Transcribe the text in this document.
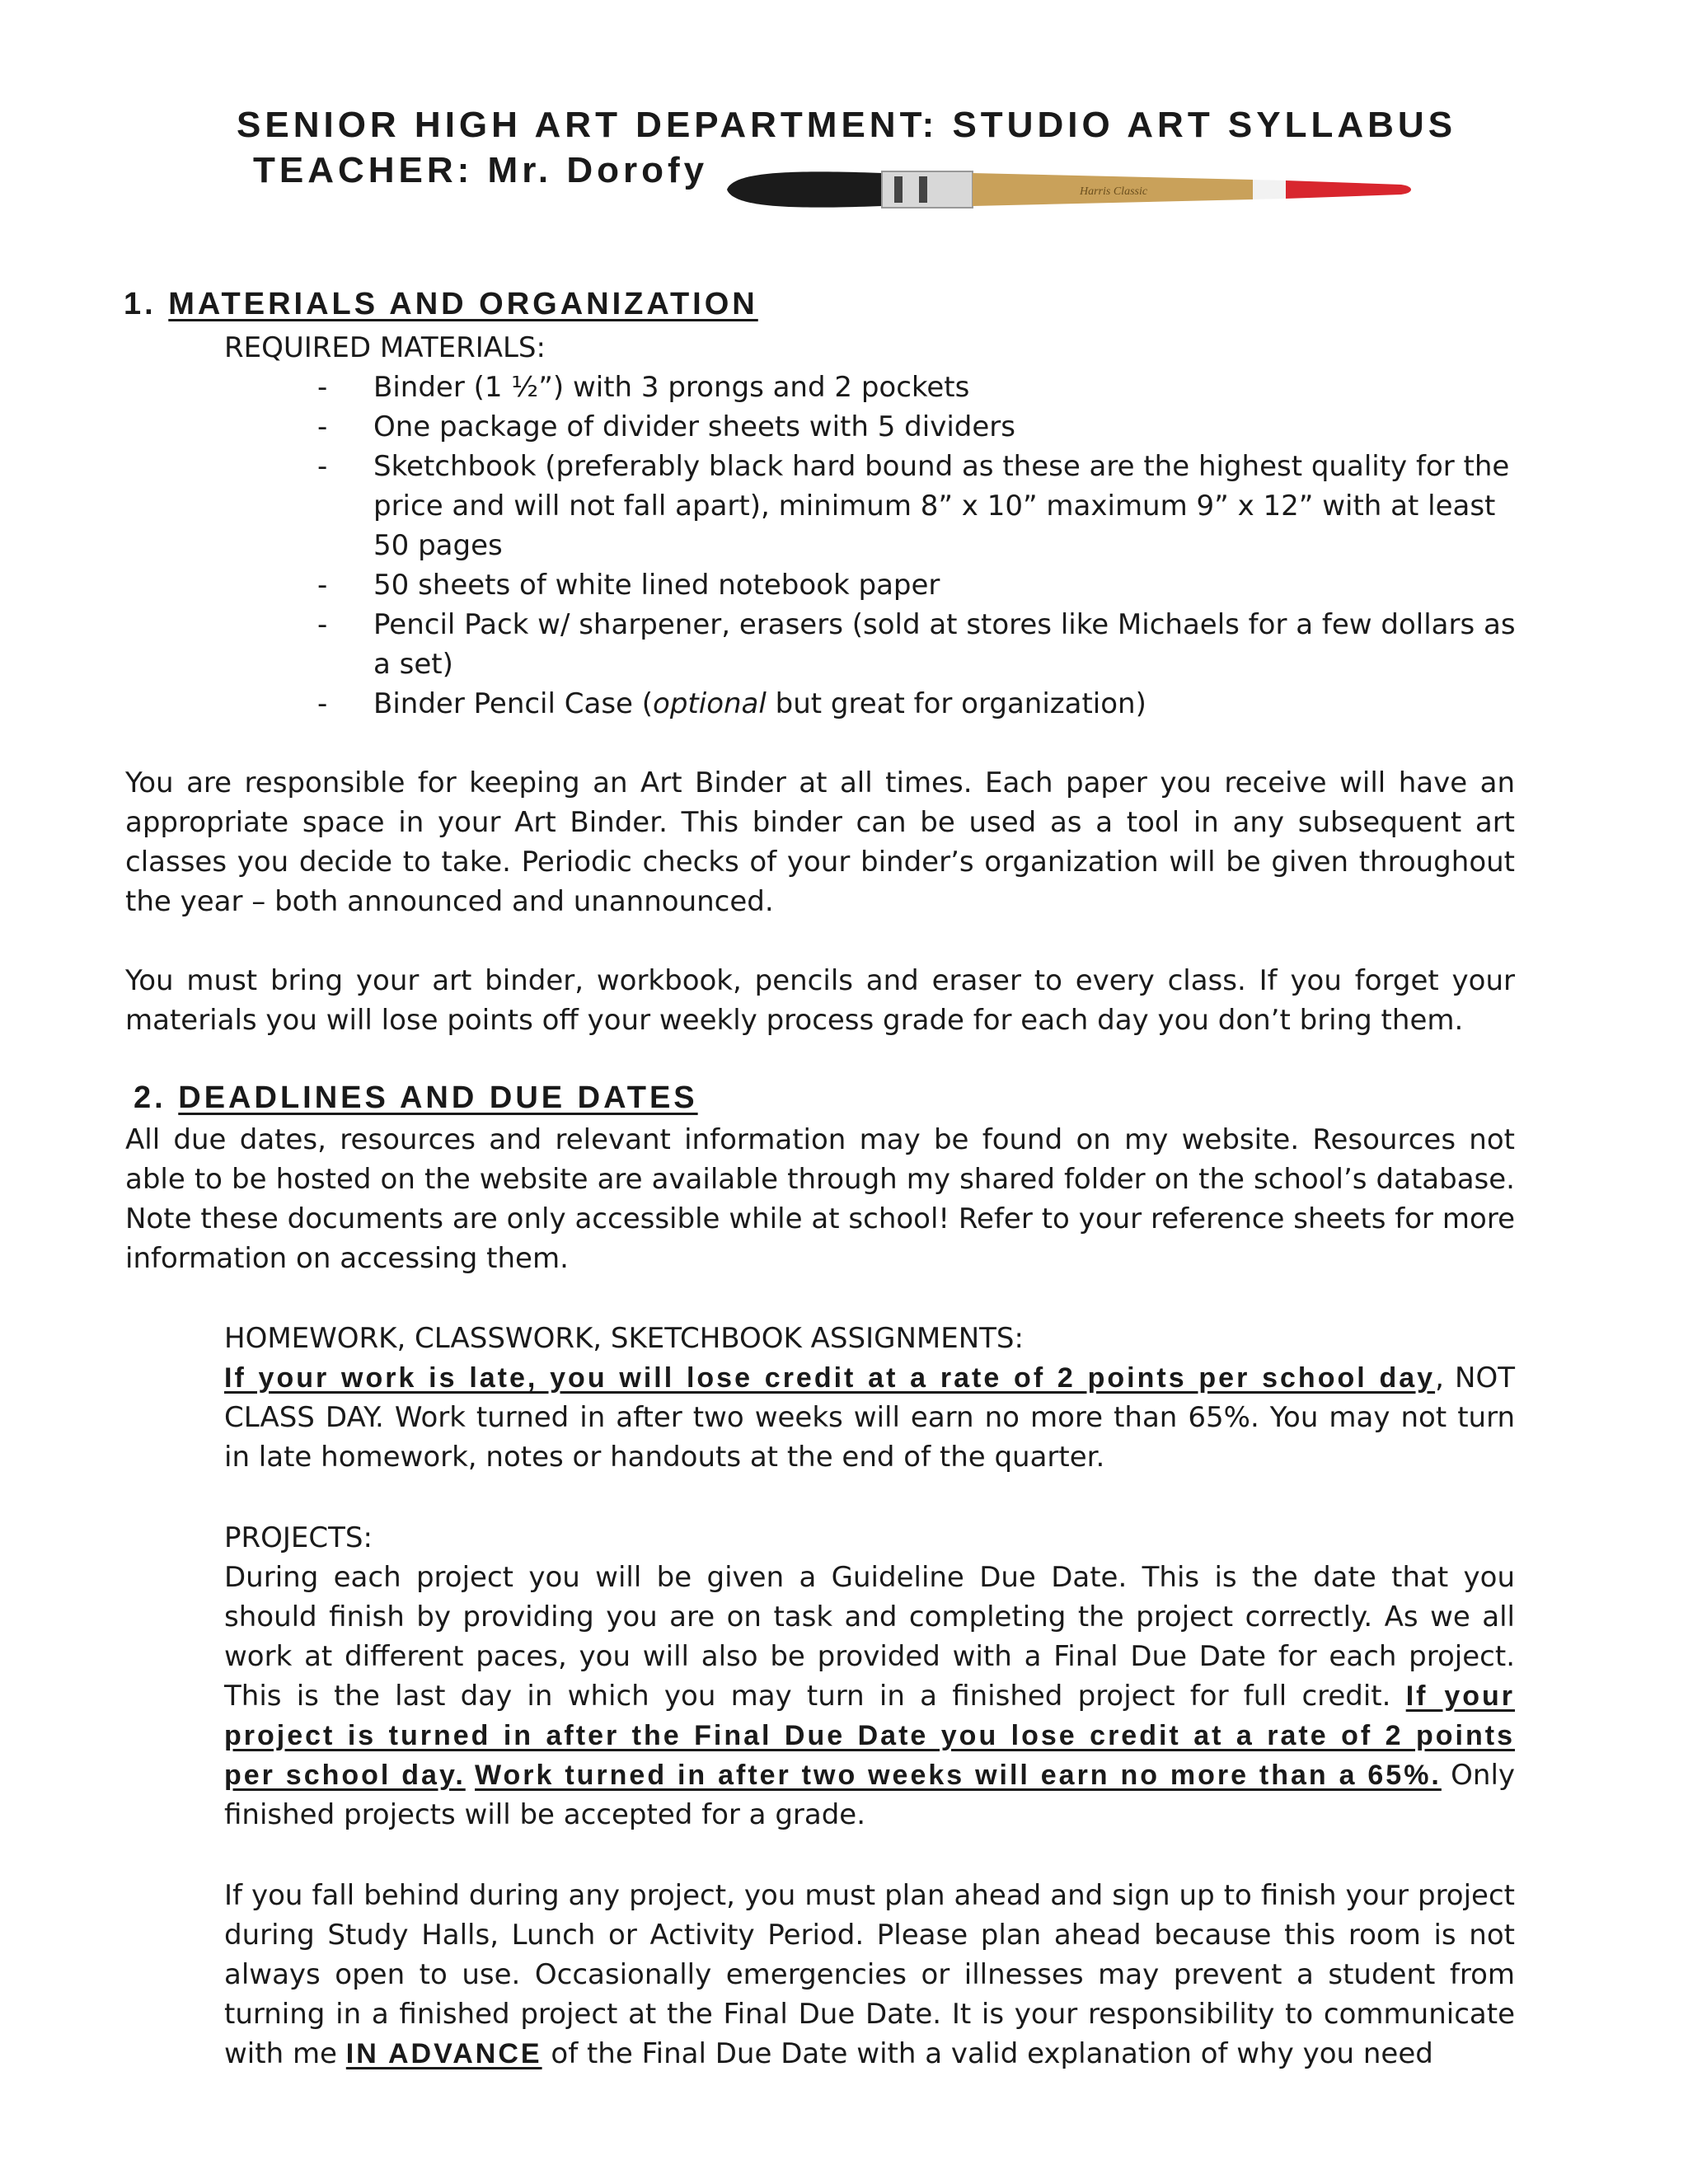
SENIOR HIGH ART DEPARTMENT: STUDIO ART SYLLABUS
TEACHER: Mr. Dorofy
Harris Classic
1. MATERIALS AND ORGANIZATION
REQUIRED MATERIALS:
- Binder (1 ½”) with 3 prongs and 2 pockets
- One package of divider sheets with 5 dividers
- Sketchbook (preferably black hard bound as these are the highest quality for the price and will not fall apart), minimum 8” x 10” maximum 9” x 12” with at least 50 pages
- 50 sheets of white lined notebook paper
- Pencil Pack w/ sharpener, erasers (sold at stores like Michaels for a few dollars as a set)
- Binder Pencil Case (optional but great for organization)

You are responsible for keeping an Art Binder at all times. Each paper you receive will have an appropriate space in your Art Binder. This binder can be used as a tool in any subsequent art classes you decide to take. Periodic checks of your binder’s organization will be given throughout the year – both announced and unannounced.

You must bring your art binder, workbook, pencils and eraser to every class. If you forget your materials you will lose points off your weekly process grade for each day you don’t bring them.

2. DEADLINES AND DUE DATES

All due dates, resources and relevant information may be found on my website. Resources not able to be hosted on the website are available through my shared folder on the school’s database. Note these documents are only accessible while at school! Refer to your reference sheets for more information on accessing them.

HOMEWORK, CLASSWORK, SKETCHBOOK ASSIGNMENTS:

If your work is late, you will lose credit at a rate of 2 points per school day, NOT CLASS DAY. Work turned in after two weeks will earn no more than 65%. You may not turn in late homework, notes or handouts at the end of the quarter.

PROJECTS:

During each project you will be given a Guideline Due Date. This is the date that you should finish by providing you are on task and completing the project correctly. As we all work at different paces, you will also be provided with a Final Due Date for each project. This is the last day in which you may turn in a finished project for full credit. If your project is turned in after the Final Due Date you lose credit at a rate of 2 points per school day. Work turned in after two weeks will earn no more than a 65%. Only finished projects will be accepted for a grade.

If you fall behind during any project, you must plan ahead and sign up to finish your project during Study Halls, Lunch or Activity Period. Please plan ahead because this room is not always open to use. Occasionally emergencies or illnesses may prevent a student from turning in a finished project at the Final Due Date. It is your responsibility to communicate with me IN ADVANCE of the Final Due Date with a valid explanation of why you need
